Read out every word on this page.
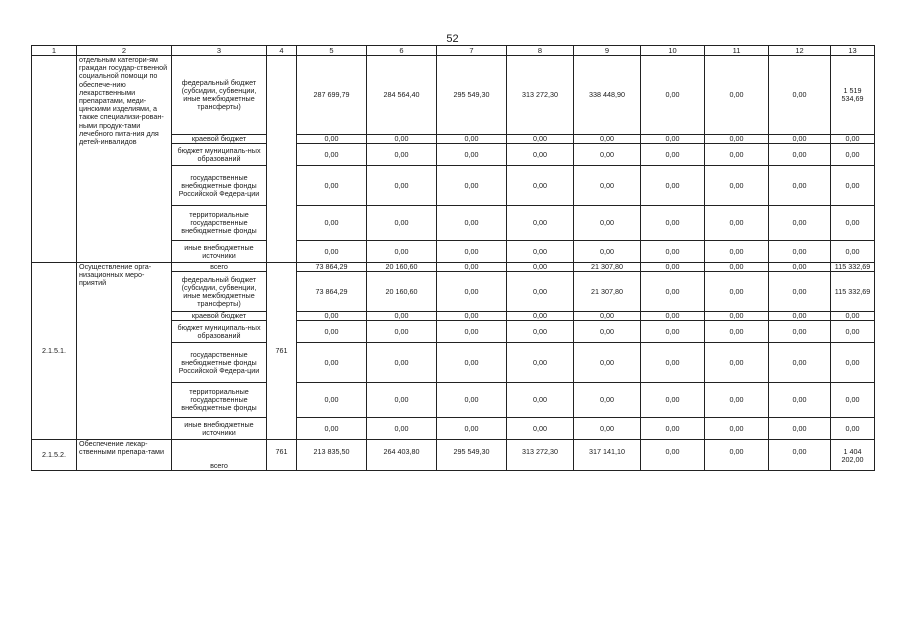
52
1	2	3	4	5	6	7	8	9	10	11	12	13
	отдельным категори-ям граждан государ-ственной социальной помощи по обеспече-нию лекарственными препаратами, меди-цинскими изделиями, а также специализи-рован-ными продук-тами лечебного пита-ния для детей-инвалидов	федеральный бюджет (субсидии, субвенции, иные межбюджетные трансферты)		287 699,79	284 564,40	295 549,30	313 272,30	338 448,90	0,00	0,00	0,00	1 519 534,69
		краевой бюджет		0,00	0,00	0,00	0,00	0,00	0,00	0,00	0,00	0,00
		бюджет муниципаль-ных образований		0,00	0,00	0,00	0,00	0,00	0,00	0,00	0,00	0,00
		государственные внебюджетные фонды Российской Федера-ции		0,00	0,00	0,00	0,00	0,00	0,00	0,00	0,00	0,00
		территориальные государственные внебюджетные фонды		0,00	0,00	0,00	0,00	0,00	0,00	0,00	0,00	0,00
		иные внебюджетные источники		0,00	0,00	0,00	0,00	0,00	0,00	0,00	0,00	0,00
2.1.5.1.	Осуществление орга-низационных меро-приятий	всего	761	73 864,29	20 160,60	0,00	0,00	21 307,80	0,00	0,00	0,00	115 332,69
		федеральный бюджет (субсидии, субвенции, иные межбюджетные трансферты)		73 864,29	20 160,60	0,00	0,00	21 307,80	0,00	0,00	0,00	115 332,69
		краевой бюджет		0,00	0,00	0,00	0,00	0,00	0,00	0,00	0,00	0,00
		бюджет муниципаль-ных образований		0,00	0,00	0,00	0,00	0,00	0,00	0,00	0,00	0,00
		государственные внебюджетные фонды Российской Федера-ции		0,00	0,00	0,00	0,00	0,00	0,00	0,00	0,00	0,00
		территориальные государственные внебюджетные фонды		0,00	0,00	0,00	0,00	0,00	0,00	0,00	0,00	0,00
		иные внебюджетные источники		0,00	0,00	0,00	0,00	0,00	0,00	0,00	0,00	0,00
2.1.5.2.	Обеспечение лекар-ственными препара-тами	всего	761	213 835,50	264 403,80	295 549,30	313 272,30	317 141,10	0,00	0,00	0,00	1 404 202,00
